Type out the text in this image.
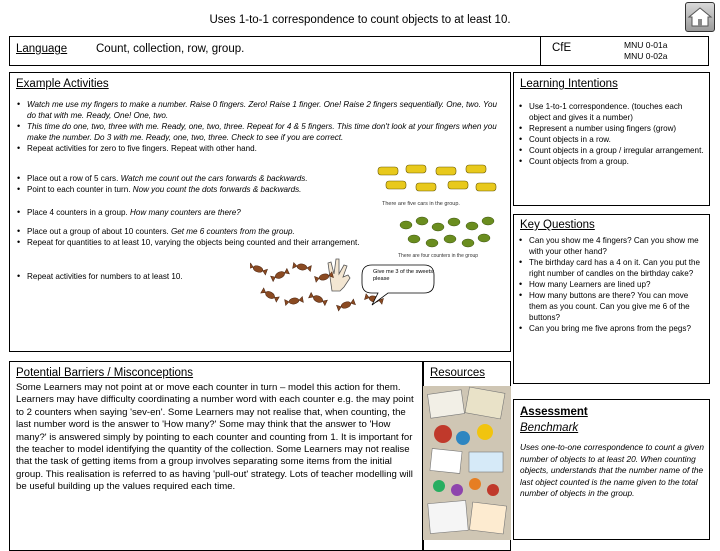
Uses 1-to-1 correspondence to count objects to at least 10.
Language	Count, collection, row, group.	CfE	MNU 0-01a
MNU 0-02a
Example Activities
• Watch me use my fingers to make a number. Raise 0 fingers. Zero! Raise 1 finger. One! Raise 2 fingers sequentially. One, two. You do that with me. Ready, One! One, two.
• This time do one, two, three with me. Ready, one, two, three. Repeat for 4 & 5 fingers. This time don't look at your fingers when you make the number. Do 3 with me. Ready, one, two, three. Check to see if you are correct.
• Repeat activities for zero to five fingers. Repeat with other hand.
• Place out a row of 5 cars. Watch me count out the cars forwards & backwards.
• Point to each counter in turn. Now you count the dots forwards & backwards.
• Place 4 counters in a group. How many counters are there?
• Place out a group of about 10 counters. Get me 6 counters from the group.
• Repeat for quantities to at least 10, varying the objects being counted and their arrangement.
• Repeat activities for numbers to at least 10.
There are five cars in the group.
There are four counters in the group
Give me 3 of the sweets please
Learning Intentions
• Use 1-to-1 correspondence. (touches each object and gives it a number)
• Represent a number using fingers (grow)
• Count objects in a row.
• Count objects in a group / irregular arrangement.
• Count objects from a group.
Key Questions
• Can you show me 4 fingers? Can you show me with your other hand?
• The birthday card has a 4 on it. Can you put the right number of candles on the birthday cake?
• How many Learners are lined up?
• How many buttons are there? You can move them as you count. Can you give me 6 of the buttons?
• Can you bring me five aprons from the pegs?
Potential Barriers / Misconceptions
Some Learners may not point at or move each counter in turn – model this action for them. Learners may have difficulty coordinating a number word with each counter e.g. the may point to 2 counters when saying 'sev-en'. Some Learners may not realise that, when counting, the last number word is the answer to 'How many?' Some may think that the answer to 'How many?' is answered simply by pointing to each counter and counting from 1. It is important for the teacher to model identifying the quantity of the collection. Some Learners may not realise that the task of getting items from a group involves separating some items from the initial group. This realisation is referred to as having 'pull-out' strategy. Lots of teacher modelling will be useful building up the values required each time.
Resources
Assessment
Benchmark
Uses one-to-one correspondence to count a given number of objects to at least 20. When counting objects, understands that the number name of the last object counted is the name given to the total number of objects in the group.
